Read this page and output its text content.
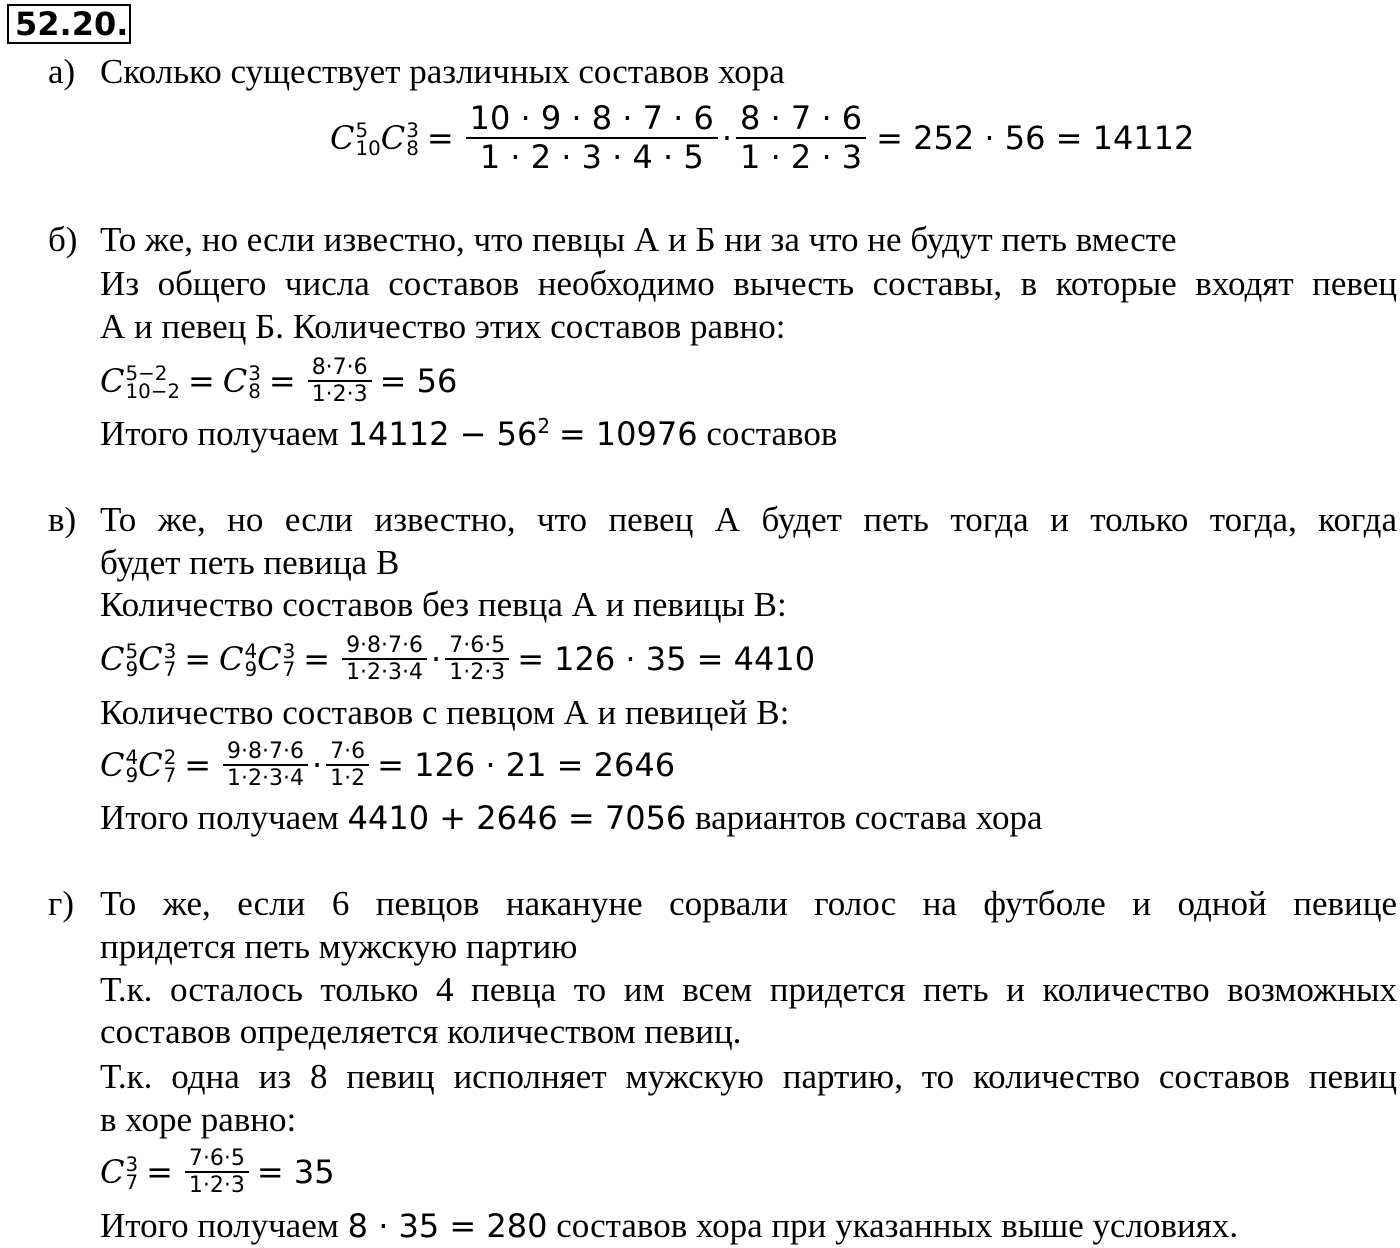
52.20.
а) Сколько существует различных составов хора
C 5
10 C 3
$8 = \frac{10 \cdot 9 \cdot 8 \cdot 7 \cdot 6}{1 \cdot 2 \cdot 3 \cdot 4 \cdot 5} \cdot \frac{8 \cdot 7 \cdot 6}{1 \cdot 2 \cdot 3} = 252 \cdot 56 = 14112$
б) То же, но если известно, что певцы А и Б ни за что не будут петь вместе
Из общего числа составов необходимо вычесть составы, в которые входят певец
А и певец Б. Количество этих составов равно:
C 5−2
10−2 = C 3
$8 = \frac{8\cdot 7\cdot 6}{1\cdot 2\cdot 3} = 56$
Итого получаем $14112 - 56^2 = 10976$ составов
в) То же, но если известно, что певец А будет петь тогда и только тогда, когда
будет петь певица В
Количество составов без певца А и певицы В:
C 5
9 C 3
7 = C 4
9 C 3
$7 = \frac{9\cdot 8\cdot 7\cdot 6}{1\cdot 2\cdot 3\cdot 4} \cdot \frac{7\cdot 6\cdot 5}{1\cdot 2\cdot 3} = 126 \cdot 35 = 4410$
Количество составов с певцом А и певицей В:
C 4
9 C 2
$7 = \frac{9\cdot 8\cdot 7\cdot 6}{1\cdot 2\cdot 3\cdot 4} \cdot \frac{7\cdot 6}{1\cdot 2} = 126 \cdot 21 = 2646$
Итого получаем 4410 + 2646 = 7056 вариантов состава хора
г) То же, если 6 певцов накануне сорвали голос на футболе и одной певице
придется петь мужскую партию
Т.к. осталось только 4 певца то им всем придется петь и количество возможных
составов определяется количеством певиц.
Т.к. одна из 8 певиц исполняет мужскую партию, то количество составов певиц
в хоре равно:
C 3
$7 = \frac{7\cdot 6\cdot 5}{1\cdot 2\cdot 3} = 35$
Итого получаем 8 · 35 = 280 составов хора при указанных выше условиях.
